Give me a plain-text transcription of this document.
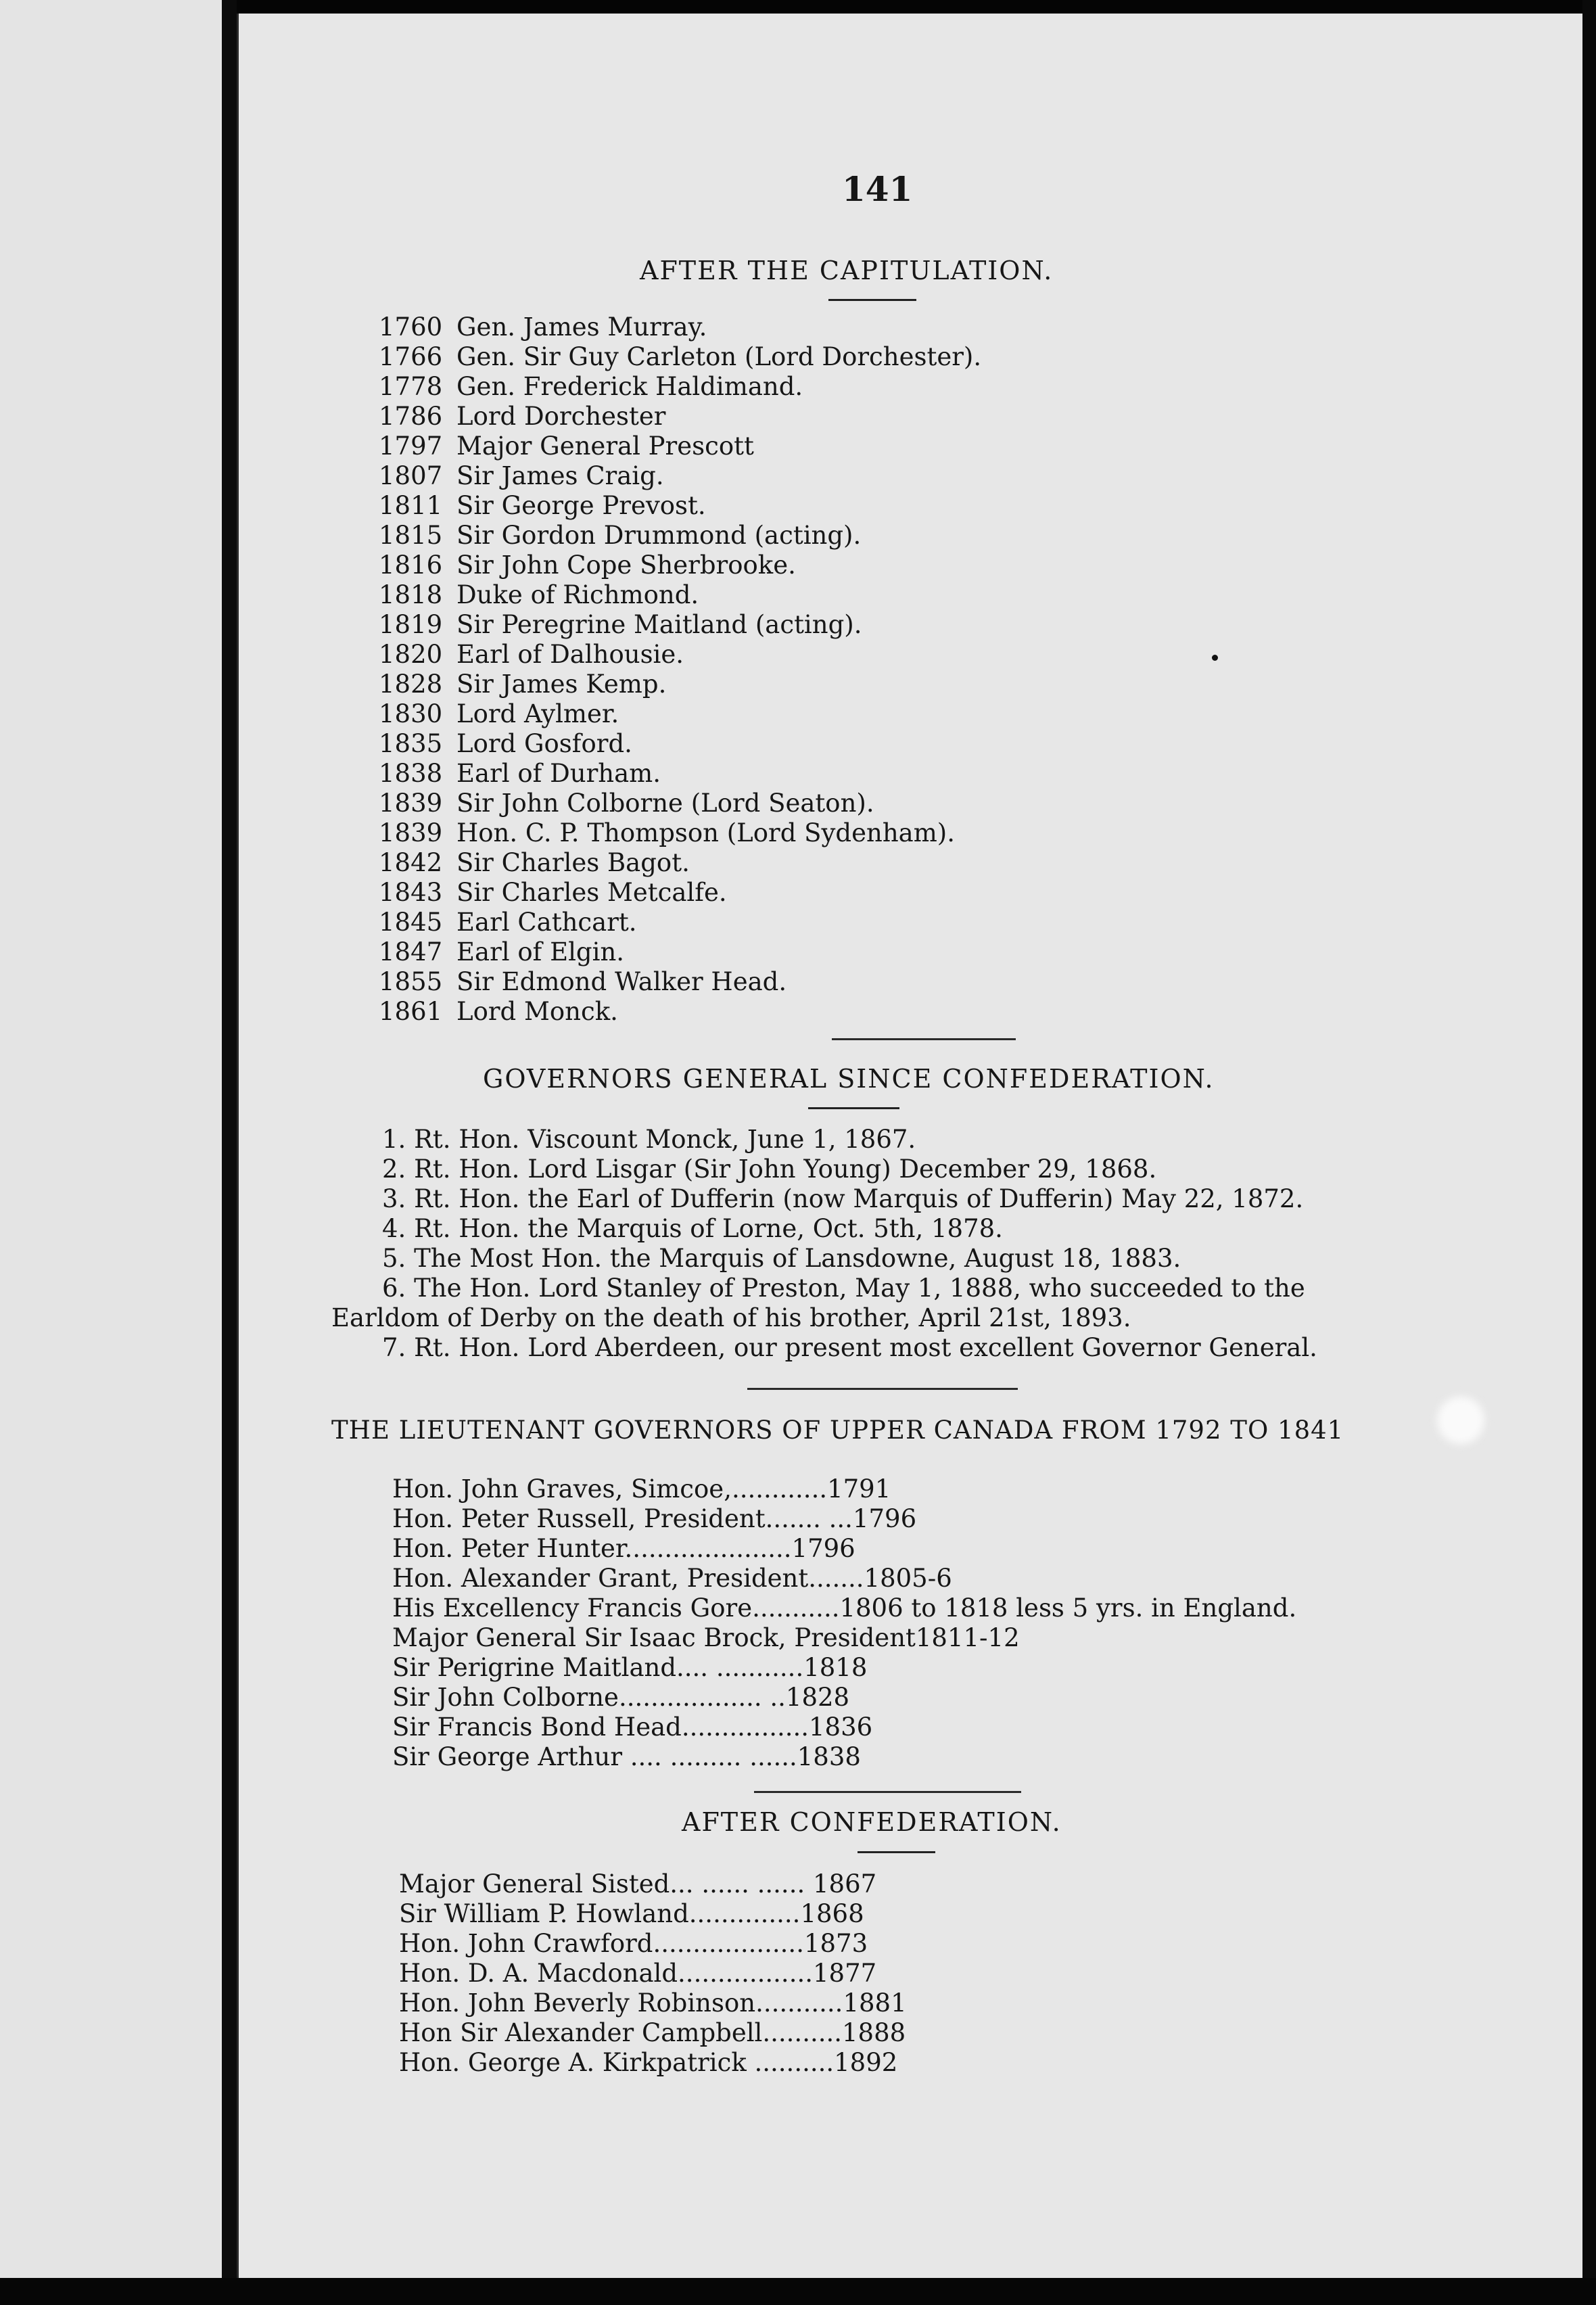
141
AFTER THE CAPITULATION.
GOVERNORS GENERAL SINCE CONFEDERATION.
1. Rt. Hon. Viscount Monck, June 1, 1867.
2. Rt. Hon. Lord Lisgar (Sir John Young) December 29, 1868.
3. Rt. Hon. the Earl of Dufferin (now Marquis of Dufferin) May 22, 1872.
4. Rt. Hon. the Marquis of Lorne, Oct. 5th, 1878.
5. The Most Hon. the Marquis of Lansdowne, August 18, 1883.
6. The Hon. Lord Stanley of Preston, May 1, 1888, who succeeded to the
Earldom of Derby on the death of his brother, April 21st, 1893.
7. Rt. Hon. Lord Aberdeen, our present most excellent Governor General.
THE LIEUTENANT GOVERNORS OF UPPER CANADA FROM 1792 TO 1841
Hon. John Graves, Simcoe,............1791
Hon. Peter Russell, President....... ...1796
Hon. Peter Hunter.....................1796
Hon. Alexander Grant, President.......1805-6
His Excellency Francis Gore...........1806 to 1818 less 5 yrs. in England.
Major General Sir Isaac Brock, President1811-12
Sir Perigrine Maitland.... ...........1818
Sir John Colborne.................. ..1828
Sir Francis Bond Head................1836
Sir George Arthur .... ......... ......1838
AFTER CONFEDERATION.
Major General Sisted... ...... ...... 1867
Sir William P. Howland..............1868
Hon. John Crawford...................1873
Hon. D. A. Macdonald.................1877
Hon. John Beverly Robinson...........1881
Hon Sir Alexander Campbell..........1888
Hon. George A. Kirkpatrick ..........1892
1760 Gen. James Murray.
1766 Gen. Sir Guy Carleton (Lord Dorchester).
1778 Gen. Frederick Haldimand.
1786 Lord Dorchester
1797 Major General Prescott
1807 Sir James Craig.
1811 Sir George Prevost.
1815 Sir Gordon Drummond (acting).
1816 Sir John Cope Sherbrooke.
1818 Duke of Richmond.
1819 Sir Peregrine Maitland (acting).
1820 Earl of Dalhousie.
1828 Sir James Kemp.
1830 Lord Aylmer.
1835 Lord Gosford.
1838 Earl of Durham.
1839 Sir John Colborne (Lord Seaton).
1839 Hon. C. P. Thompson (Lord Sydenham).
1842 Sir Charles Bagot.
1843 Sir Charles Metcalfe.
1845 Earl Cathcart.
1847 Earl of Elgin.
1855 Sir Edmond Walker Head.
1861 Lord Monck.
